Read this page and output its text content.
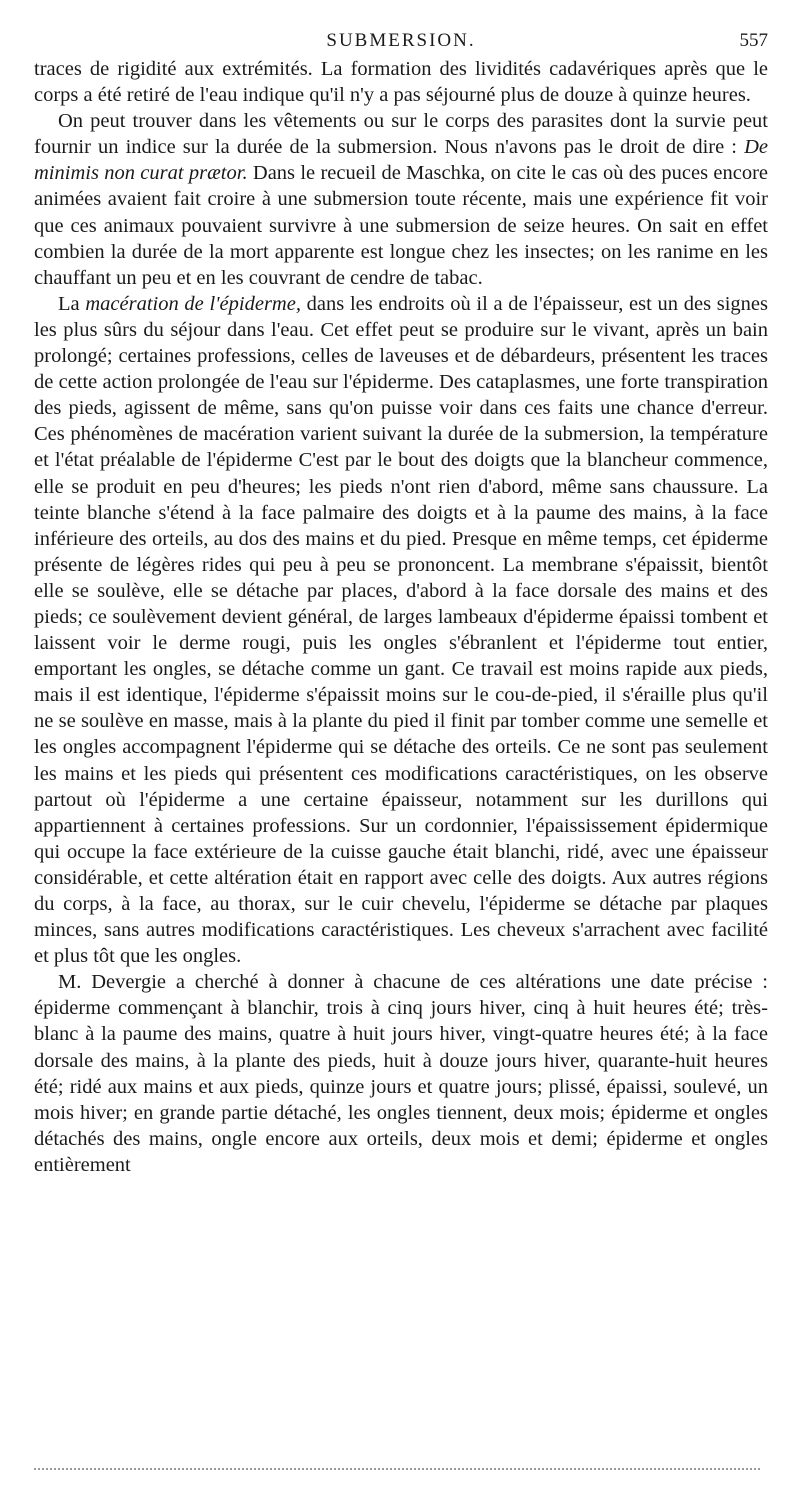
SUBMERSION.	557

traces de rigidité aux extrémités. La formation des lividités cadavériques après que le corps a été retiré de l'eau indique qu'il n'y a pas séjourné plus de douze à quinze heures.

On peut trouver dans les vêtements ou sur le corps des parasites dont la survie peut fournir un indice sur la durée de la submersion. Nous n'avons pas le droit de dire : De minimis non curat prætor. Dans le recueil de Maschka, on cite le cas où des puces encore animées avaient fait croire à une submersion toute récente, mais une expérience fit voir que ces animaux pouvaient survivre à une submersion de seize heures. On sait en effet combien la durée de la mort apparente est longue chez les insectes; on les ranime en les chauffant un peu et en les couvrant de cendre de tabac.

La macération de l'épiderme, dans les endroits où il a de l'épaisseur, est un des signes les plus sûrs du séjour dans l'eau. Cet effet peut se produire sur le vivant, après un bain prolongé; certaines professions, celles de laveuses et de débardeurs, présentent les traces de cette action prolongée de l'eau sur l'épiderme. Des cataplasmes, une forte transpiration des pieds, agissent de même, sans qu'on puisse voir dans ces faits une chance d'erreur. Ces phénomènes de macération varient suivant la durée de la submersion, la température et l'état préalable de l'épiderme C'est par le bout des doigts que la blancheur commence, elle se produit en peu d'heures; les pieds n'ont rien d'abord, même sans chaussure. La teinte blanche s'étend à la face palmaire des doigts et à la paume des mains, à la face inférieure des orteils, au dos des mains et du pied. Presque en même temps, cet épiderme présente de légères rides qui peu à peu se prononcent. La membrane s'épaissit, bientôt elle se soulève, elle se détache par places, d'abord à la face dorsale des mains et des pieds; ce soulèvement devient général, de larges lambeaux d'épiderme épaissi tombent et laissent voir le derme rougi, puis les ongles s'ébranlent et l'épiderme tout entier, emportant les ongles, se détache comme un gant. Ce travail est moins rapide aux pieds, mais il est identique, l'épiderme s'épaissit moins sur le cou-de-pied, il s'éraille plus qu'il ne se soulève en masse, mais à la plante du pied il finit par tomber comme une semelle et les ongles accompagnent l'épiderme qui se détache des orteils. Ce ne sont pas seulement les mains et les pieds qui présentent ces modifications caractéristiques, on les observe partout où l'épiderme a une certaine épaisseur, notamment sur les durillons qui appartiennent à certaines professions. Sur un cordonnier, l'épaississement épidermique qui occupe la face extérieure de la cuisse gauche était blanchi, ridé, avec une épaisseur considérable, et cette altération était en rapport avec celle des doigts. Aux autres régions du corps, à la face, au thorax, sur le cuir chevelu, l'épiderme se détache par plaques minces, sans autres modifications caractéristiques. Les cheveux s'arrachent avec facilité et plus tôt que les ongles.

M. Devergie a cherché à donner à chacune de ces altérations une date précise : épiderme commençant à blanchir, trois à cinq jours hiver, cinq à huit heures été; très-blanc à la paume des mains, quatre à huit jours hiver, vingt-quatre heures été; à la face dorsale des mains, à la plante des pieds, huit à douze jours hiver, quarante-huit heures été; ridé aux mains et aux pieds, quinze jours et quatre jours; plissé, épaissi, soulevé, un mois hiver; en grande partie détaché, les ongles tiennent, deux mois; épiderme et ongles détachés des mains, ongle encore aux orteils, deux mois et demi; épiderme et ongles entièrement
